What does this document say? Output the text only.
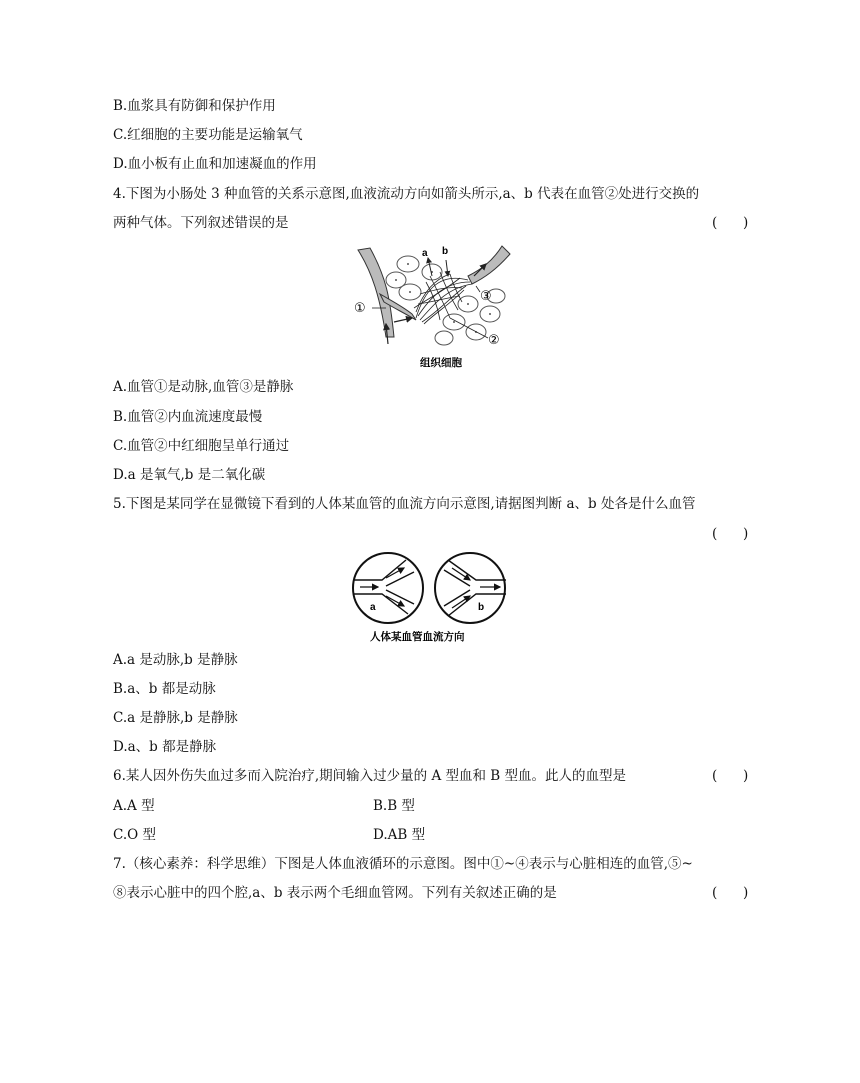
B.血浆具有防御和保护作用
C.红细胞的主要功能是运输氧气
D.血小板有止血和加速凝血的作用
4.下图为小肠处 3 种血管的关系示意图,血液流动方向如箭头所示,a、b 代表在血管②处进行交换的
两种气体。下列叙述错误的是	(      )
a b
①
③
②
组织细胞
A.血管①是动脉,血管③是静脉
B.血管②内血流速度最慢
C.血管②中红细胞呈单行通过
D.a 是氧气,b 是二氧化碳
5.下图是某同学在显微镜下看到的人体某血管的血流方向示意图,请据图判断 a、b 处各是什么血管
(      )
a	b
人体某血管血流方向
A.a 是动脉,b 是静脉
B.a、b 都是动脉
C.a 是静脉,b 是静脉
D.a、b 都是静脉
6.某人因外伤失血过多而入院治疗,期间输入过少量的 A 型血和 B 型血。此人的血型是	(      )
A.A 型	B.B 型
C.O 型	D.AB 型
7.（核心素养：科学思维）下图是人体血液循环的示意图。图中①~④表示与心脏相连的血管,⑤~
⑧表示心脏中的四个腔,a、b 表示两个毛细血管网。下列有关叙述正确的是	(      )
